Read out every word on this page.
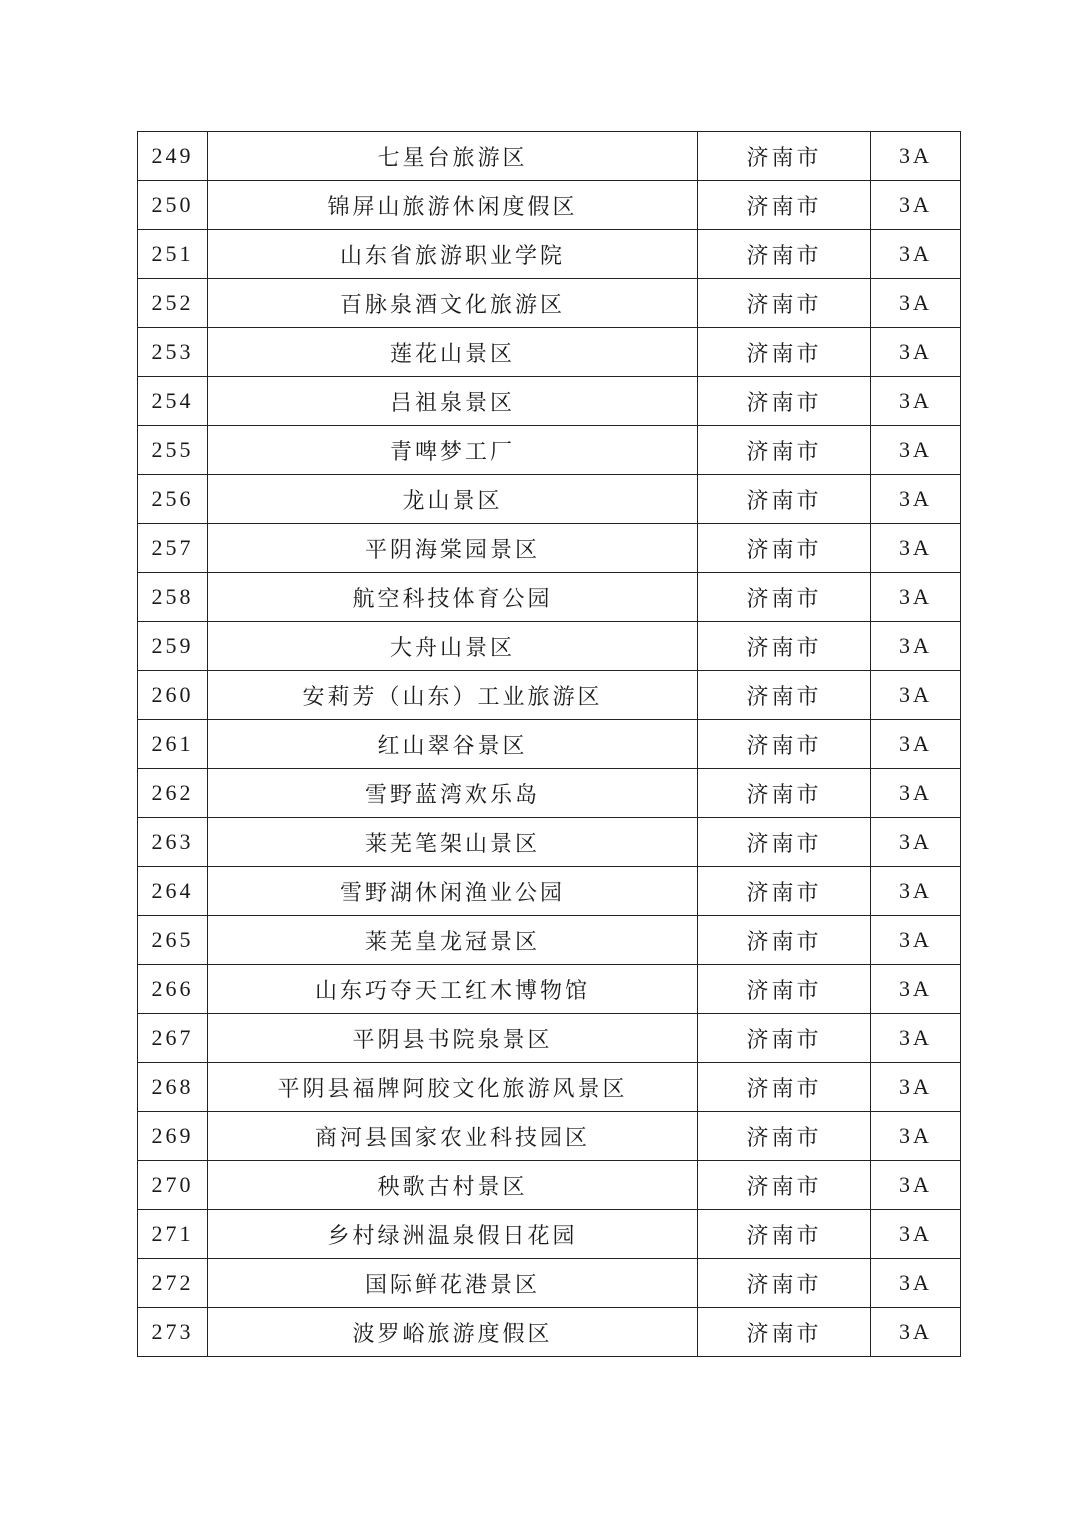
249	七星台旅游区	济南市	3A
250	锦屏山旅游休闲度假区	济南市	3A
251	山东省旅游职业学院	济南市	3A
252	百脉泉酒文化旅游区	济南市	3A
253	莲花山景区	济南市	3A
254	吕祖泉景区	济南市	3A
255	青啤梦工厂	济南市	3A
256	龙山景区	济南市	3A
257	平阴海棠园景区	济南市	3A
258	航空科技体育公园	济南市	3A
259	大舟山景区	济南市	3A
260	安莉芳（山东）工业旅游区	济南市	3A
261	红山翠谷景区	济南市	3A
262	雪野蓝湾欢乐岛	济南市	3A
263	莱芜笔架山景区	济南市	3A
264	雪野湖休闲渔业公园	济南市	3A
265	莱芜皇龙冠景区	济南市	3A
266	山东巧夺天工红木博物馆	济南市	3A
267	平阴县书院泉景区	济南市	3A
268	平阴县福牌阿胶文化旅游风景区	济南市	3A
269	商河县国家农业科技园区	济南市	3A
270	秧歌古村景区	济南市	3A
271	乡村绿洲温泉假日花园	济南市	3A
272	国际鲜花港景区	济南市	3A
273	波罗峪旅游度假区	济南市	3A
